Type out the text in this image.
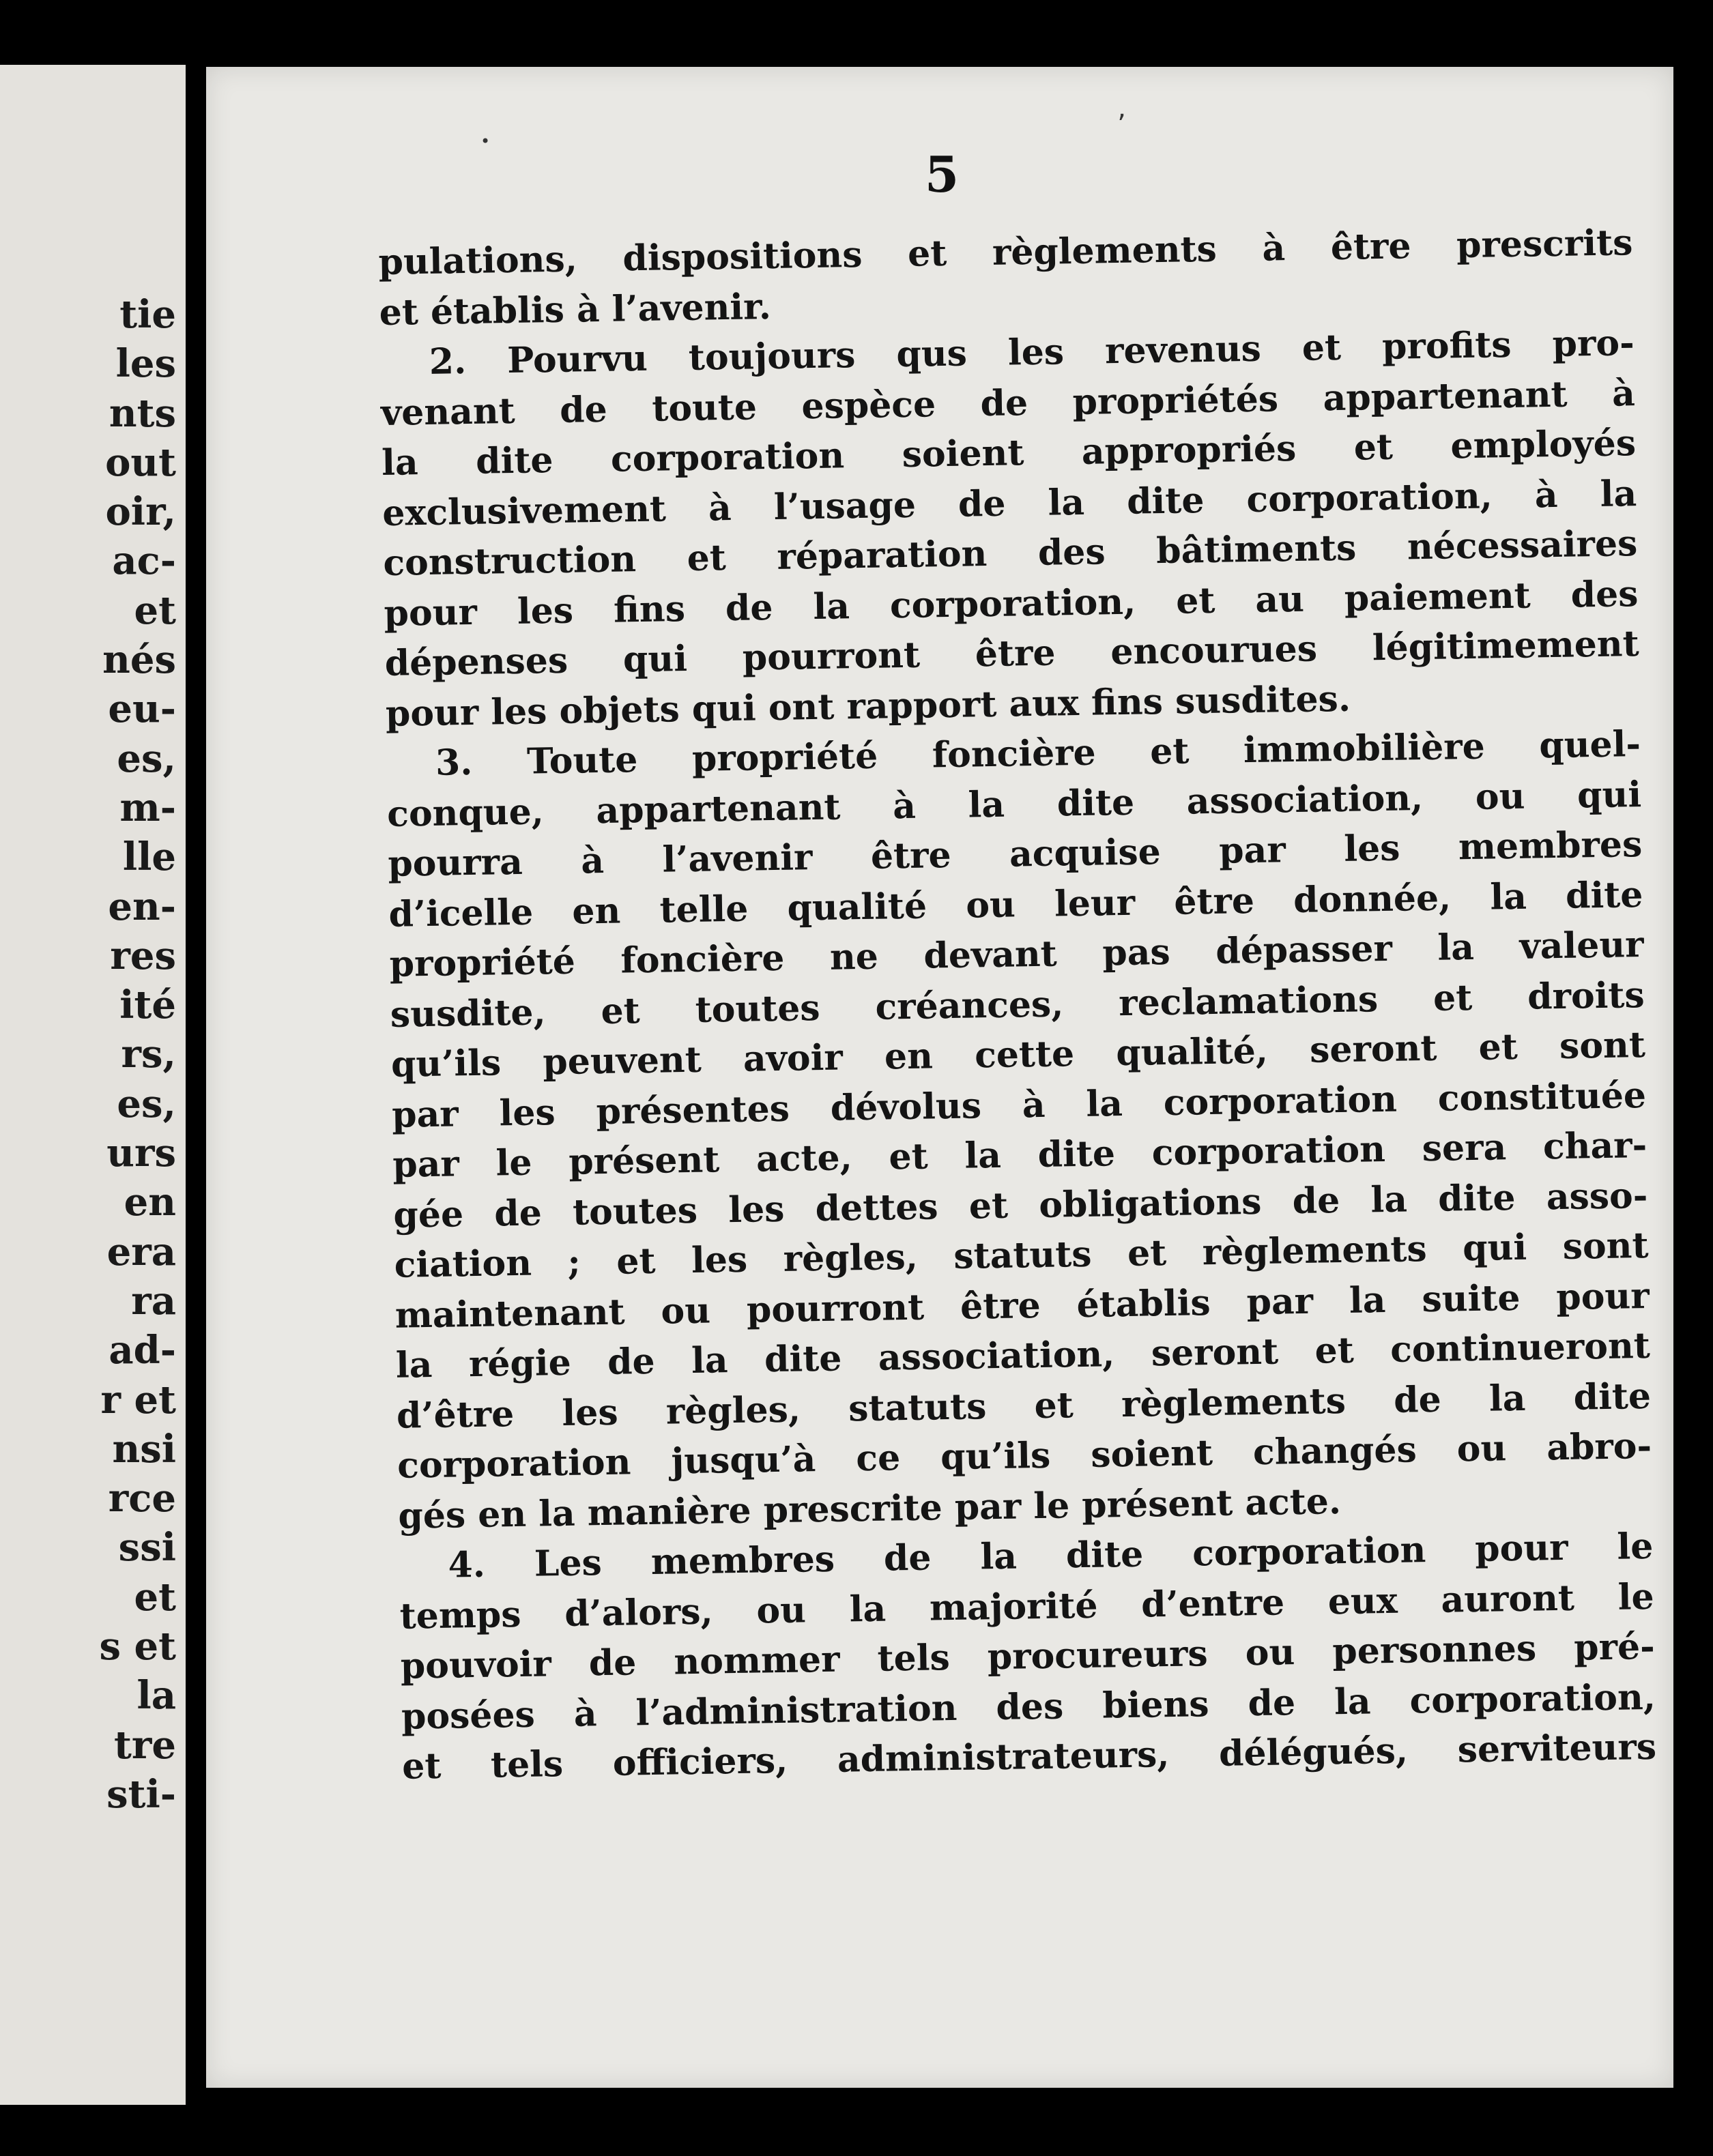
tie
les
nts
out
oir,
ac-
et
nés
eu-
es,
m-
lle
en-
res
ité
rs,
es,
urs
en
era
ra
ad-
r et
nsi
rce
ssi
et
s et
la
tre
sti-
5
ʼ
•
pulations, dispositions et règlements à être prescrits
et établis à l’avenir.
2. Pourvu toujours qus les revenus et profits pro-
venant de toute espèce de propriétés appartenant à
la dite corporation soient appropriés et employés
exclusivement à l’usage de la dite corporation, à la
construction et réparation des bâtiments nécessaires
pour les fins de la corporation, et au paiement des
dépenses qui pourront être encourues légitimement
pour les objets qui ont rapport aux fins susdites.
3. Toute propriété foncière et immobilière quel-
conque, appartenant à la dite association, ou qui
pourra à l’avenir être acquise par les membres
d’icelle en telle qualité ou leur être donnée, la dite
propriété foncière ne devant pas dépasser la valeur
susdite, et toutes créances, reclamations et droits
qu’ils peuvent avoir en cette qualité, seront et sont
par les présentes dévolus à la corporation constituée
par le présent acte, et la dite corporation sera char-
gée de toutes les dettes et obligations de la dite asso-
ciation ; et les règles, statuts et règlements qui sont
maintenant ou pourront être établis par la suite pour
la régie de la dite association, seront et continueront
d’être les règles, statuts et règlements de la dite
corporation jusqu’à ce qu’ils soient changés ou abro-
gés en la manière prescrite par le présent acte.
4. Les membres de la dite corporation pour le
temps d’alors, ou la majorité d’entre eux auront le
pouvoir de nommer tels procureurs ou personnes pré-
posées à l’administration des biens de la corporation,
et tels officiers, administrateurs, délégués, serviteurs
